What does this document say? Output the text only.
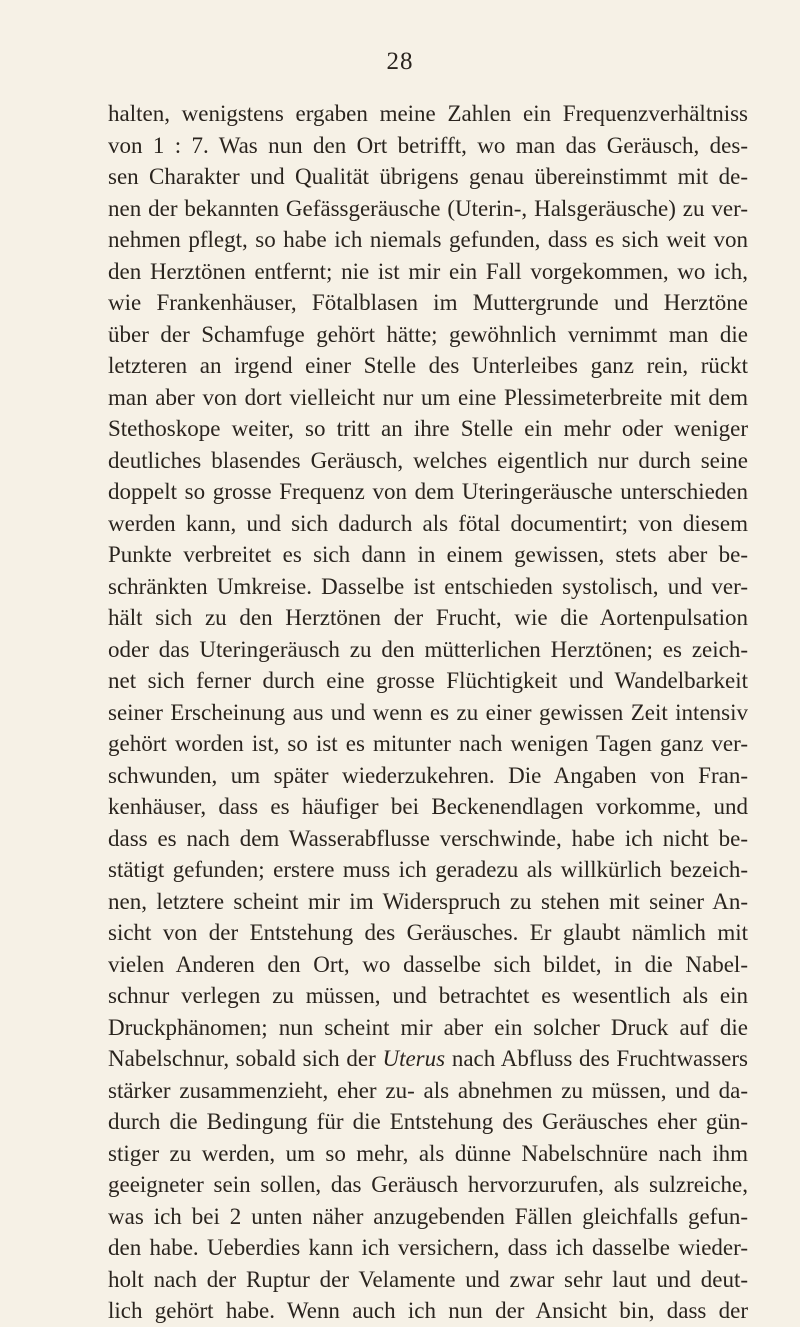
28
halten, wenigstens ergaben meine Zahlen ein Frequenzverhältniss
von 1 : 7. Was nun den Ort betrifft, wo man das Geräusch, des-
sen Charakter und Qualität übrigens genau übereinstimmt mit de-
nen der bekannten Gefässgeräusche (Uterin-, Halsgeräusche) zu ver-
nehmen pflegt, so habe ich niemals gefunden, dass es sich weit von
den Herztönen entfernt; nie ist mir ein Fall vorgekommen, wo ich,
wie Frankenhäuser, Fötalblasen im Muttergrunde und Herztöne
über der Schamfuge gehört hätte; gewöhnlich vernimmt man die
letzteren an irgend einer Stelle des Unterleibes ganz rein, rückt
man aber von dort vielleicht nur um eine Plessimeterbreite mit dem
Stethoskope weiter, so tritt an ihre Stelle ein mehr oder weniger
deutliches blasendes Geräusch, welches eigentlich nur durch seine
doppelt so grosse Frequenz von dem Uteringeräusche unterschieden
werden kann, und sich dadurch als fötal documentirt; von diesem
Punkte verbreitet es sich dann in einem gewissen, stets aber be-
schränkten Umkreise. Dasselbe ist entschieden systolisch, und ver-
hält sich zu den Herztönen der Frucht, wie die Aortenpulsation
oder das Uteringeräusch zu den mütterlichen Herztönen; es zeich-
net sich ferner durch eine grosse Flüchtigkeit und Wandelbarkeit
seiner Erscheinung aus und wenn es zu einer gewissen Zeit intensiv
gehört worden ist, so ist es mitunter nach wenigen Tagen ganz ver-
schwunden, um später wiederzukehren. Die Angaben von Fran-
kenhäuser, dass es häufiger bei Beckenendlagen vorkomme, und
dass es nach dem Wasserabflusse verschwinde, habe ich nicht be-
stätigt gefunden; erstere muss ich geradezu als willkürlich bezeich-
nen, letztere scheint mir im Widerspruch zu stehen mit seiner An-
sicht von der Entstehung des Geräusches. Er glaubt nämlich mit
vielen Anderen den Ort, wo dasselbe sich bildet, in die Nabel-
schnur verlegen zu müssen, und betrachtet es wesentlich als ein
Druckphänomen; nun scheint mir aber ein solcher Druck auf die
Nabelschnur, sobald sich der Uterus nach Abfluss des Fruchtwassers
stärker zusammenzieht, eher zu- als abnehmen zu müssen, und da-
durch die Bedingung für die Entstehung des Geräusches eher gün-
stiger zu werden, um so mehr, als dünne Nabelschnüre nach ihm
geeigneter sein sollen, das Geräusch hervorzurufen, als sulzreiche,
was ich bei 2 unten näher anzugebenden Fällen gleichfalls gefun-
den habe. Ueberdies kann ich versichern, dass ich dasselbe wieder-
holt nach der Ruptur der Velamente und zwar sehr laut und deut-
lich gehört habe. Wenn auch ich nun der Ansicht bin, dass der
